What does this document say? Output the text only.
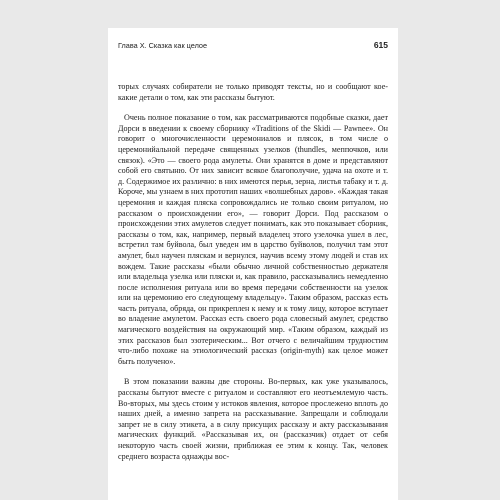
Глава X. Сказка как целое	615

торых случаях собиратели не только приводят тексты, но и сообщают кое-какие детали о том, как эти рассказы бытуют.

Очень полное показание о том, как рассматриваются подобные сказки, дает Дорси в введении к своему сборнику «Traditions of the Skidi — Pawnee». Он говорит о многочисленности церемониалов и плясок, в том числе о церемонийальной передаче священных узелков (thundles, меппочков, или связок). «Это — своего рода амулеты. Они хранятся в доме и представляют собой его святыню. От них зависит всякое благополучие, удача на охоте и т. д. Содержимое их различно: в них имеются перья, зерна, листья табаку и т. д. Короче, мы узнаем в них прототип наших «волшебных даров». «Каждая такая церемония и каждая пляска сопровождались не только своим ритуалом, но рассказом о происхождении его», — говорит Дорси. Под рассказом о происхождении этих амулетов следует понимать, как это показывает сборник, рассказы о том, как, например, первый владелец этого узелочка ушел в лес, встретил там буйвола, был уведен им в царство буйволов, получил там этот амулет, был научен пляскам и вернулся, научив всему этому людей и став их вождем. Такие рассказы «были обычно личной собственностью держателя или владельца узелка или пляски и, как правило, рассказывались немедленно после исполнения ритуала или во время передачи собственности на узелок или на церемонию его следующему владельцу». Таким образом, рассказ есть часть ритуала, обряда, он прикреплен к нему и к тому лицу, которое вступает во владение амулетом. Рассказ есть своего рода словесный амулет, средство магического воздействия на окружающий мир. «Таким образом, каждый из этих рассказов был эзотерическим... Вот отчего с величайшим трудностим что-либо похоже на этиологический рассказ (origin-myth) как целое может быть получено».

В этом показании важны две стороны. Во-первых, как уже указывалось, рассказы бытуют вместе с ритуалом и составляют его неотъемлемую часть. Во-вторых, мы здесь стоим у истоков явления, которое прослежено вплоть до наших дней, а именно запрета на рассказывание. Запрещали и соблюдали запрет не в силу этикета, а в силу присущих рассказу и акту рассказывания магических функций. «Рассказывая их, он (рассказчик) отдает от себя некоторую часть своей жизни, приближая ее этим к концу. Так, человек среднего возраста однажды вос-
